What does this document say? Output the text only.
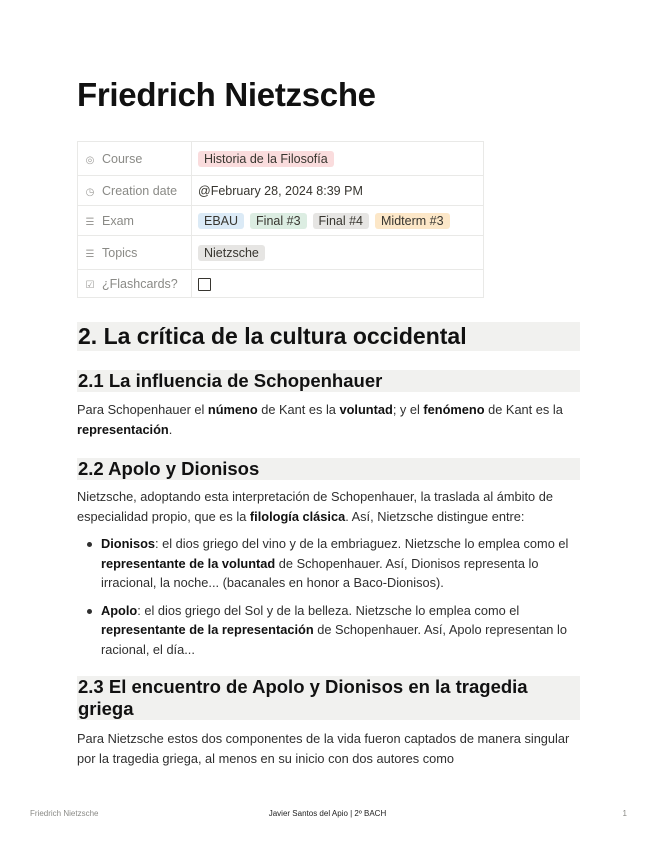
Friedrich Nietzsche
◎ Course	Historia de la Filosofía
◷ Creation date	@February 28, 2024 8:39 PM
☰ Exam	EBAU Final #3 Final #4 Midterm #3
☰ Topics	Nietzsche
☑ ¿Flashcards?	
2. La crítica de la cultura occidental
2.1 La influencia de Schopenhauer

Para Schopenhauer el númeno de Kant es la voluntad; y el fenómeno de Kant es la representación.

2.2 Apolo y Dionisos

Nietzsche, adoptando esta interpretación de Schopenhauer, la traslada al ámbito de especialidad propio, que es la filología clásica. Así, Nietzsche distingue entre:

Dionisos: el dios griego del vino y de la embriaguez. Nietzsche lo emplea como el representante de la voluntad de Schopenhauer. Así, Dionisos representa lo irracional, la noche... (bacanales en honor a Baco-Dionisos).
Apolo: el dios griego del Sol y de la belleza. Nietzsche lo emplea como el representante de la representación de Schopenhauer. Así, Apolo representan lo racional, el día...
2.3 El encuentro de Apolo y Dionisos en la tragedia griega

Para Nietzsche estos dos componentes de la vida fueron captados de manera singular por la tragedia griega, al menos en su inicio con dos autores como

Friedrich Nietzsche	Javier Santos del Apio | 2º BACH	1
